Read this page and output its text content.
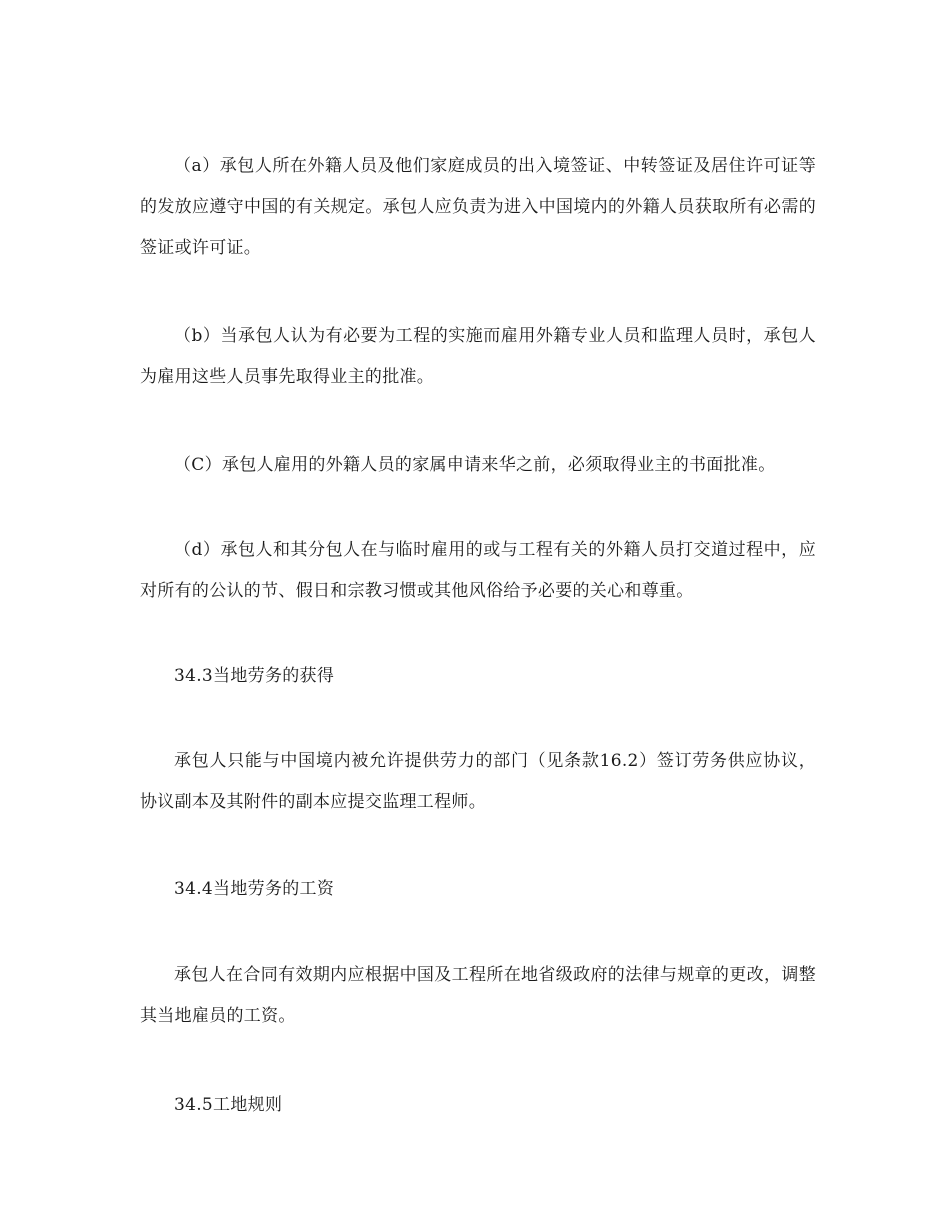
（a）承包人所在外籍人员及他们家庭成员的出入境签证、中转签证及居住许可证等的发放应遵守中国的有关规定。承包人应负责为进入中国境内的外籍人员获取所有必需的签证或许可证。

（b）当承包人认为有必要为工程的实施而雇用外籍专业人员和监理人员时，承包人为雇用这些人员事先取得业主的批准。

（C）承包人雇用的外籍人员的家属申请来华之前，必须取得业主的书面批准。

（d）承包人和其分包人在与临时雇用的或与工程有关的外籍人员打交道过程中，应对所有的公认的节、假日和宗教习惯或其他风俗给予必要的关心和尊重。

34.3当地劳务的获得

承包人只能与中国境内被允许提供劳力的部门（见条款16.2）签订劳务供应协议，协议副本及其附件的副本应提交监理工程师。

34.4当地劳务的工资

承包人在合同有效期内应根据中国及工程所在地省级政府的法律与规章的更改，调整其当地雇员的工资。

34.5工地规则
